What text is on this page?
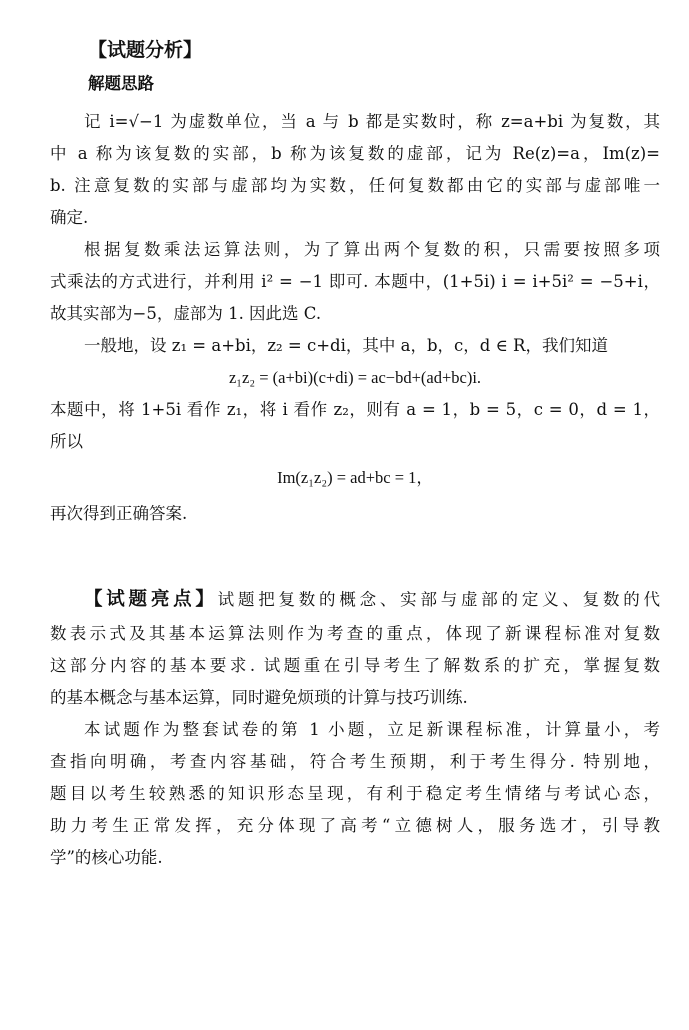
【试题分析】
解题思路
记 i=√−1 为虚数单位，当 a 与 b 都是实数时，称 z=a+bi 为复数，其
中 a 称为该复数的实部，b 称为该复数的虚部，记为 Re(z)=a，Im(z)=
b. 注意复数的实部与虚部均为实数，任何复数都由它的实部与虚部唯一
确定.
根据复数乘法运算法则，为了算出两个复数的积，只需要按照多项
式乘法的方式进行，并利用 i² = −1 即可. 本题中，(1+5i) i = i+5i² = −5+i，
故其实部为−5，虚部为 1. 因此选 C.
一般地，设 z₁ = a+bi，z₂ = c+di，其中 a，b，c，d ∈ R，我们知道
z₁z₂ = (a+bi)(c+di) = ac−bd+(ad+bc)i.
本题中，将 1+5i 看作 z₁，将 i 看作 z₂，则有 a = 1，b = 5，c = 0，d = 1，
所以
Im(z₁z₂) = ad+bc = 1，
再次得到正确答案.
【试题亮点】试题把复数的概念、实部与虚部的定义、复数的代
数表示式及其基本运算法则作为考查的重点，体现了新课程标准对复数
这部分内容的基本要求. 试题重在引导考生了解数系的扩充，掌握复数
的基本概念与基本运算，同时避免烦琐的计算与技巧训练.
本试题作为整套试卷的第 1 小题，立足新课程标准，计算量小，考
查指向明确，考查内容基础，符合考生预期，利于考生得分. 特别地，
题目以考生较熟悉的知识形态呈现，有利于稳定考生情绪与考试心态，
助力考生正常发挥，充分体现了高考“立德树人，服务选才，引导教
学”的核心功能.
